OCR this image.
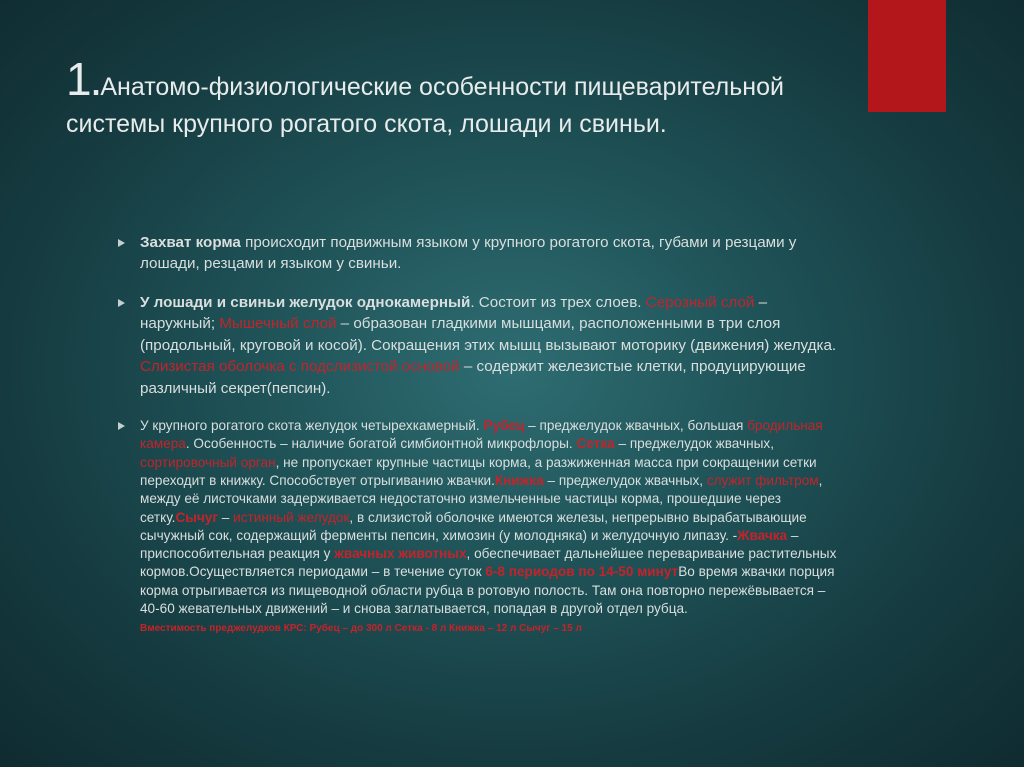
1.Анатомо-физиологические особенности пищеварительной системы крупного рогатого скота, лошади и свиньи.
Захват корма происходит подвижным языком у крупного рогатого скота, губами и резцами у лошади, резцами и языком у свиньи.
У лошади и свиньи желудок однокамерный. Состоит из трех слоев. Серозный слой – наружный; Мышечный слой – образован гладкими мышцами, расположенными в три слоя (продольный, круговой и косой). Сокращения этих мышц вызывают моторику (движения) желудка. Слизистая оболочка с подслизистой основой – содержит железистые клетки, продуцирующие различный секрет(пепсин).
У крупного рогатого скота желудок четырехкамерный. Рубец – преджелудок жвачных, большая бродильная камера. Особенность – наличие богатой симбионтной микрофлоры. Сетка – преджелудок жвачных, сортировочный орган, не пропускает крупные частицы корма, а разжиженная масса при сокращении сетки переходит в книжку. Способствует отрыгиванию жвачки.Книжка – преджелудок жвачных, служит фильтром, между её листочками задерживается недостаточно измельченные частицы корма, прошедшие через сетку.Сычуг – истинный желудок, в слизистой оболочке имеются железы, непрерывно вырабатывающие сычужный сок, содержащий ферменты пепсин, химозин (у молодняка) и желудочную липазу. -Жвачка – приспособительная реакция у жвачных животных, обеспечивает дальнейшее переваривание растительных кормов.Осуществляется периодами – в течение суток 6-8 периодов по 14-50 минутВо время жвачки порция корма отрыгивается из пищеводной области рубца в ротовую полость. Там она повторно пережёвывается – 40-60 жевательных движений – и снова заглатывается, попадая в другой отдел рубца.
Вместимость преджелудков КРС: Рубец – до 300 л Сетка - 8 л Книжка – 12 л Сычуг – 15 л
